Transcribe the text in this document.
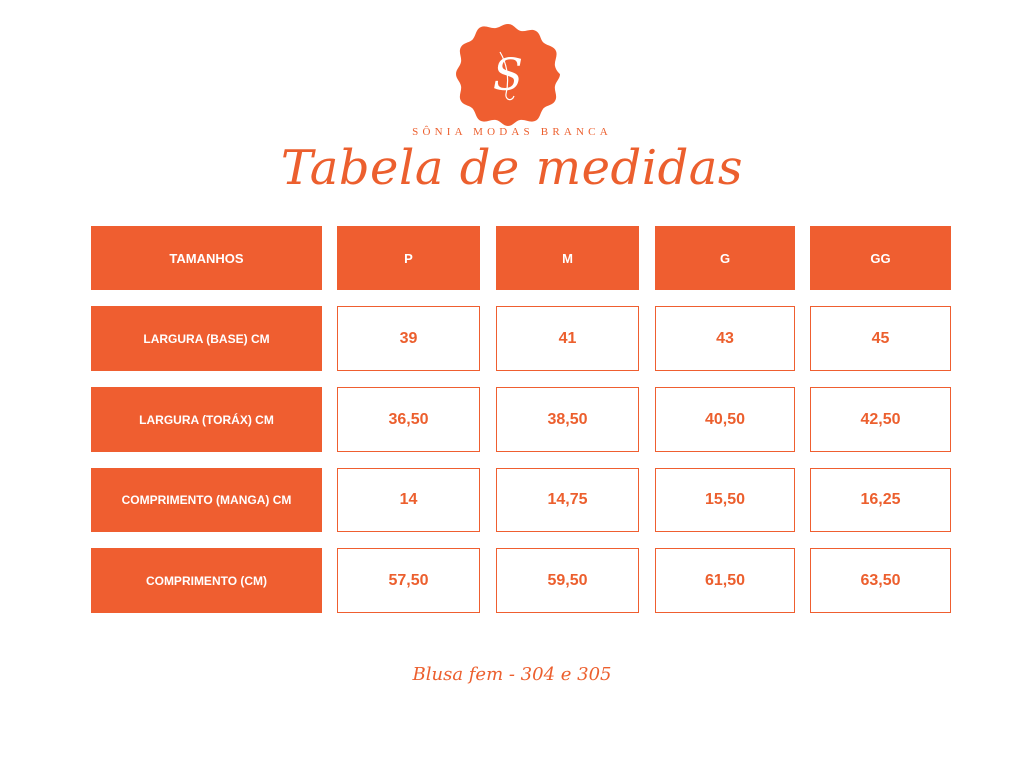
S
SÔNIA MODAS BRANCA
Tabela de medidas
TAMANHOS	P	M	G	GG
LARGURA (BASE) CM	39	41	43	45
LARGURA (TORÁX) CM	36,50	38,50	40,50	42,50
COMPRIMENTO (MANGA) CM	14	14,75	15,50	16,25
COMPRIMENTO (CM)	57,50	59,50	61,50	63,50
Blusa fem - 304 e 305
